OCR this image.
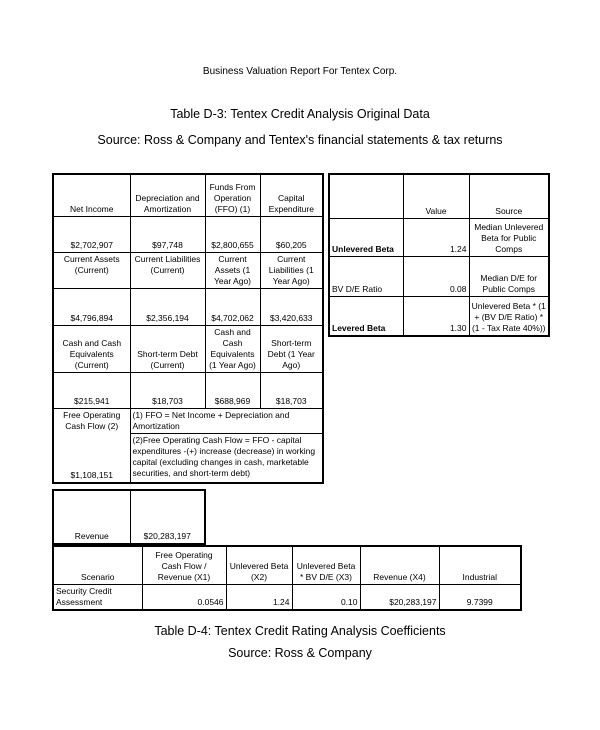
Business Valuation Report For Tentex Corp.
Table D-3: Tentex Credit Analysis Original Data
Source: Ross & Company and Tentex's financial statements & tax returns
Net Income	Depreciation and Amortization	Funds From Operation (FFO) (1)	Capital Expenditure
$2,702,907	$97,748	$2,800,655	$60,205
Current Assets (Current)	Current Liabilities (Current)	Current Assets (1 Year Ago)	Current Liabilities (1 Year Ago)
$4,796,894	$2,356,194	$4,702,062	$3,420,633
Cash and Cash Equivalents (Current)	Short-term Debt (Current)	Cash and Cash Equivalents (1 Year Ago)	Short-term Debt (1 Year Ago)
$215,941	$18,703	$688,969	$18,703
Free Operating Cash Flow (2)	(1) FFO = Net Income + Depreciation and Amortization		
$1,108,151	(2)Free Operating Cash Flow = FFO - capital expenditures -(+) increase (decrease) in working capital (excluding changes in cash, marketable securities, and short-term debt)		
	Value	Source
Unlevered Beta	1.24	Median Unlevered Beta for Public Comps
BV D/E Ratio	0.08	Median D/E for Public Comps
Levered Beta	1.30	Unlevered Beta * (1 + (BV D/E Ratio) * (1 - Tax Rate 40%))
Revenue	$20,283,197
Scenario	Free Operating Cash Flow / Revenue (X1)	Unlevered Beta (X2)	Unlevered Beta * BV D/E (X3)	Revenue (X4)	Industrial
Security Credit Assessment	0.0546	1.24	0.10	$20,283,197	9.7399
Table D-4: Tentex Credit Rating Analysis Coefficients
Source: Ross & Company
